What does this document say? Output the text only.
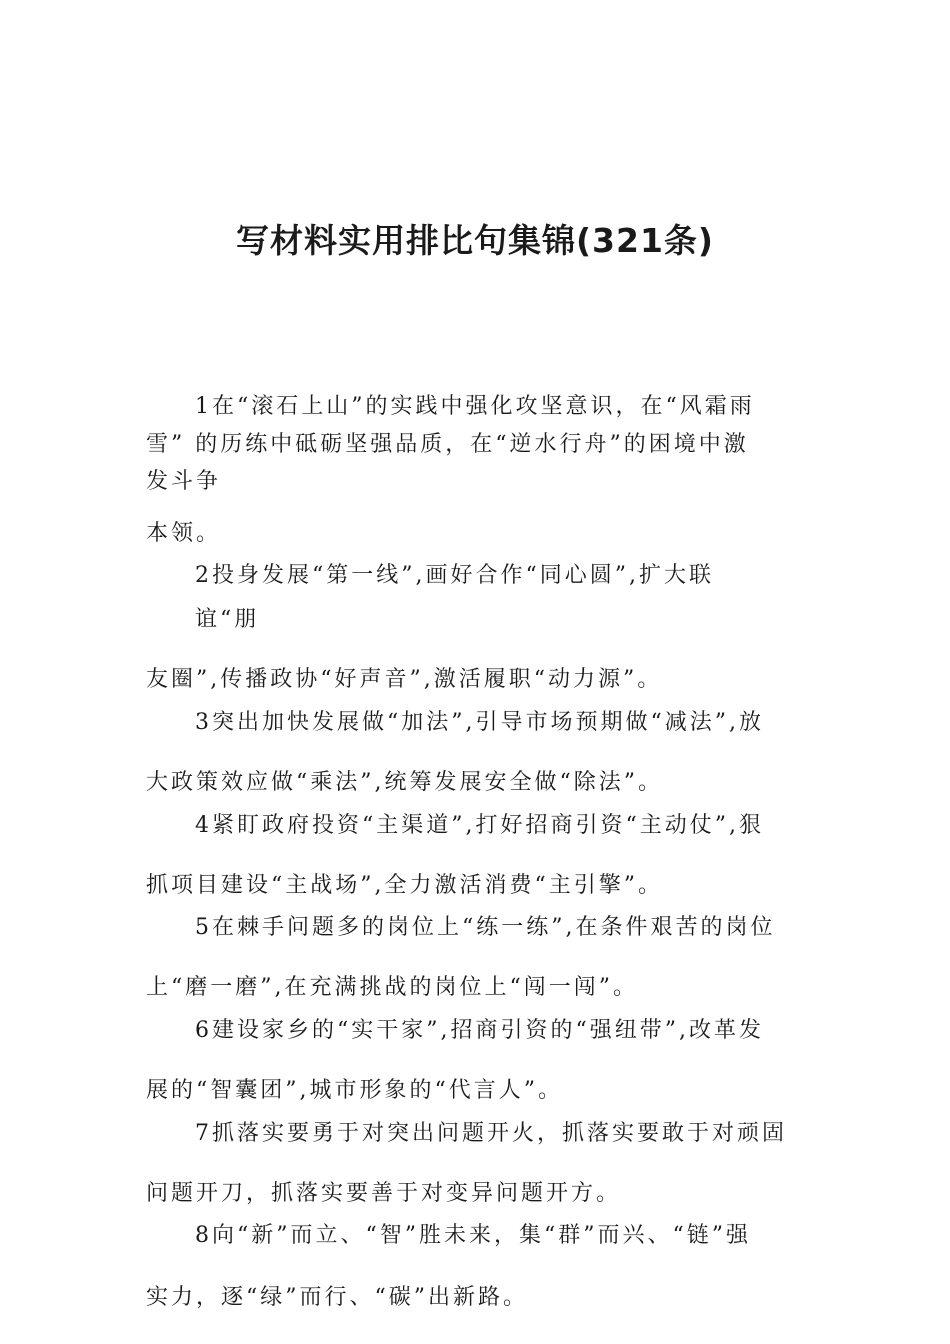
写材料实用排比句集锦(321条)

1在“滚石上山”的实践中强化攻坚意识，在“风霜雨

雪” 的历练中砥砺坚强品质，在“逆水行舟”的困境中激

发斗争

本领。

2投身发展“第一线”,画好合作“同心圆”,扩大联

谊“朋

友圈”,传播政协“好声音”,激活履职“动力源”。

3突出加快发展做“加法”,引导市场预期做“减法”,放

大政策效应做“乘法”,统筹发展安全做“除法”。

4紧盯政府投资“主渠道”,打好招商引资“主动仗”,狠

抓项目建设“主战场”,全力激活消费“主引擎”。

5在棘手问题多的岗位上“练一练”,在条件艰苦的岗位

上“磨一磨”,在充满挑战的岗位上“闯一闯”。

6建设家乡的“实干家”,招商引资的“强纽带”,改革发

展的“智囊团”,城市形象的“代言人”。

7抓落实要勇于对突出问题开火，抓落实要敢于对顽固

问题开刀，抓落实要善于对变异问题开方。

8向“新”而立、“智”胜未来，集“群”而兴、“链”强

实力，逐“绿”而行、“碳”出新路。
